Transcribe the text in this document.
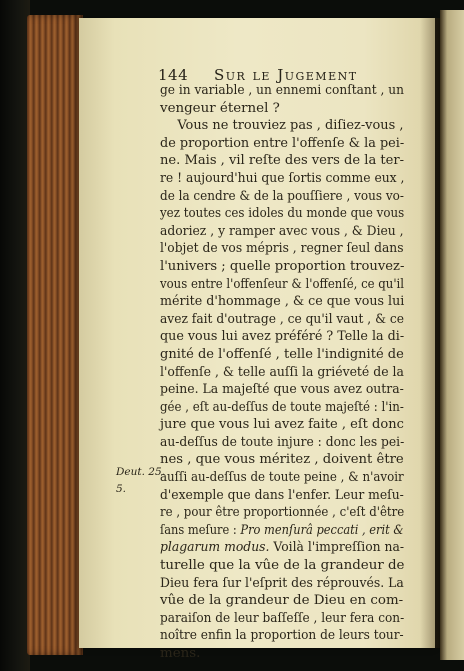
144 Sur le Jugement
Deut. 25.
5.
ge in variable , un ennemi conſtant , un
vengeur éternel ?
Vous ne trouviez pas , diſiez-vous ,
de proportion entre l'offenſe & la pei-
ne. Mais , vil reſte des vers de la ter-
re ! aujourd'hui que ſortis comme eux ,
de la cendre & de la pouſſiere , vous vo-
yez toutes ces idoles du monde que vous
adoriez , y ramper avec vous , & Dieu ,
l'objet de vos mépris , regner ſeul dans
l'univers ; quelle proportion trouvez-
vous entre l'offenſeur & l'offenſé, ce qu'il
mérite d'hommage , & ce que vous lui
avez fait d'outrage , ce qu'il vaut , & ce
que vous lui avez préféré ? Telle la di-
gnité de l'offenſé , telle l'indignité de
l'offenſe , & telle auſſi la griéveté de la
peine. La majeſté que vous avez outra-
gée , eſt au-deſſus de toute majeſté : l'in-
jure que vous lui avez faite , eſt donc
au-deſſus de toute injure : donc les pei-
nes , que vous méritez , doivent être
auſſi au-deſſus de toute peine , & n'avoir
d'exemple que dans l'enfer. Leur meſu-
re , pour être proportionnée , c'eſt d'être
ſans meſure : Pro menſurâ peccati , erit &
plagarum modus. Voilà l'impreſſion na-
turelle que la vûe de la grandeur de
Dieu fera ſur l'eſprit des réprouvés. La
vûe de la grandeur de Dieu en com-
paraiſon de leur baſſeſſe , leur fera con-
noître enfin la proportion de leurs tour-
mens.
